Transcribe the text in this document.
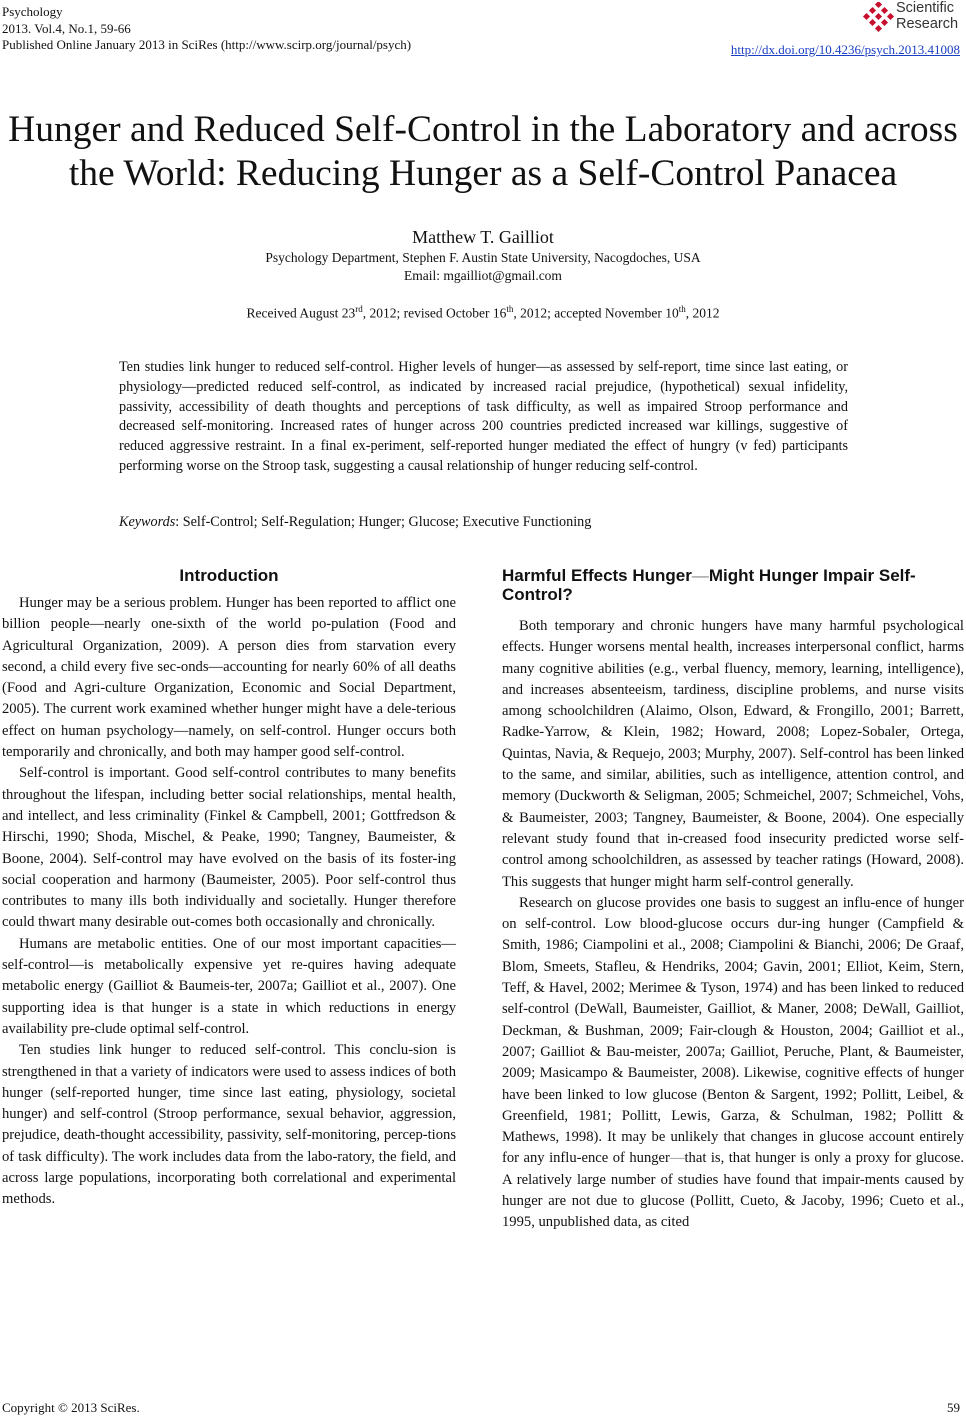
Psychology
2013. Vol.4, No.1, 59-66
Published Online January 2013 in SciRes (http://www.scirp.org/journal/psych)	http://dx.doi.org/10.4236/psych.2013.41008
Scientific
Research
Hunger and Reduced Self-Control in the Laboratory and across
the World: Reducing Hunger as a Self-Control Panacea
Matthew T. Gailliot
Psychology Department, Stephen F. Austin State University, Nacogdoches, USA
Email: mgailliot@gmail.com
Received August 23rd, 2012; revised October 16th, 2012; accepted November 10th, 2012
Ten studies link hunger to reduced self-control. Higher levels of hunger—as assessed by self-report, time since last eating, or physiology—predicted reduced self-control, as indicated by increased racial prejudice, (hypothetical) sexual infidelity, passivity, accessibility of death thoughts and perceptions of task difficulty, as well as impaired Stroop performance and decreased self-monitoring. Increased rates of hunger across 200 countries predicted increased war killings, suggestive of reduced aggressive restraint. In a final ex-periment, self-reported hunger mediated the effect of hungry (v fed) participants performing worse on the Stroop task, suggesting a causal relationship of hunger reducing self-control.
Keywords: Self-Control; Self-Regulation; Hunger; Glucose; Executive Functioning
Introduction

Hunger may be a serious problem. Hunger has been reported to afflict one billion people—nearly one-sixth of the world po-pulation (Food and Agricultural Organization, 2009). A person dies from starvation every second, a child every five sec-onds—accounting for nearly 60% of all deaths (Food and Agri-culture Organization, Economic and Social Department, 2005). The current work examined whether hunger might have a dele-terious effect on human psychology—namely, on self-control. Hunger occurs both temporarily and chronically, and both may hamper good self-control.

Self-control is important. Good self-control contributes to many benefits throughout the lifespan, including better social relationships, mental health, and intellect, and less criminality (Finkel & Campbell, 2001; Gottfredson & Hirschi, 1990; Shoda, Mischel, & Peake, 1990; Tangney, Baumeister, & Boone, 2004). Self-control may have evolved on the basis of its foster-ing social cooperation and harmony (Baumeister, 2005). Poor self-control thus contributes to many ills both individually and societally. Hunger therefore could thwart many desirable out-comes both occasionally and chronically.

Humans are metabolic entities. One of our most important capacities—self-control—is metabolically expensive yet re-quires having adequate metabolic energy (Gailliot & Baumeis-ter, 2007a; Gailliot et al., 2007). One supporting idea is that hunger is a state in which reductions in energy availability pre-clude optimal self-control.

Ten studies link hunger to reduced self-control. This conclu-sion is strengthened in that a variety of indicators were used to assess indices of both hunger (self-reported hunger, time since last eating, physiology, societal hunger) and self-control (Stroop performance, sexual behavior, aggression, prejudice, death-thought accessibility, passivity, self-monitoring, percep-tions of task difficulty). The work includes data from the labo-ratory, the field, and across large populations, incorporating both correlational and experimental methods.

Harmful Effects Hunger—Might Hunger Impair Self-Control?

Both temporary and chronic hungers have many harmful psychological effects. Hunger worsens mental health, increases interpersonal conflict, harms many cognitive abilities (e.g., verbal fluency, memory, learning, intelligence), and increases absenteeism, tardiness, discipline problems, and nurse visits among schoolchildren (Alaimo, Olson, Edward, & Frongillo, 2001; Barrett, Radke-Yarrow, & Klein, 1982; Howard, 2008; Lopez-Sobaler, Ortega, Quintas, Navia, & Requejo, 2003; Murphy, 2007). Self-control has been linked to the same, and similar, abilities, such as intelligence, attention control, and memory (Duckworth & Seligman, 2005; Schmeichel, 2007; Schmeichel, Vohs, & Baumeister, 2003; Tangney, Baumeister, & Boone, 2004). One especially relevant study found that in-creased food insecurity predicted worse self-control among schoolchildren, as assessed by teacher ratings (Howard, 2008). This suggests that hunger might harm self-control generally.

Research on glucose provides one basis to suggest an influ-ence of hunger on self-control. Low blood-glucose occurs dur-ing hunger (Campfield & Smith, 1986; Ciampolini et al., 2008; Ciampolini & Bianchi, 2006; De Graaf, Blom, Smeets, Stafleu, & Hendriks, 2004; Gavin, 2001; Elliot, Keim, Stern, Teff, & Havel, 2002; Merimee & Tyson, 1974) and has been linked to reduced self-control (DeWall, Baumeister, Gailliot, & Maner, 2008; DeWall, Gailliot, Deckman, & Bushman, 2009; Fair-clough & Houston, 2004; Gailliot et al., 2007; Gailliot & Bau-meister, 2007a; Gailliot, Peruche, Plant, & Baumeister, 2009; Masicampo & Baumeister, 2008). Likewise, cognitive effects of hunger have been linked to low glucose (Benton & Sargent, 1992; Pollitt, Leibel, & Greenfield, 1981; Pollitt, Lewis, Garza, & Schulman, 1982; Pollitt & Mathews, 1998). It may be unlikely that changes in glucose account entirely for any influ-ence of hunger—that is, that hunger is only a proxy for glucose. A relatively large number of studies have found that impair-ments caused by hunger are not due to glucose (Pollitt, Cueto, & Jacoby, 1996; Cueto et al., 1995, unpublished data, as cited

Copyright © 2013 SciRes.	59
